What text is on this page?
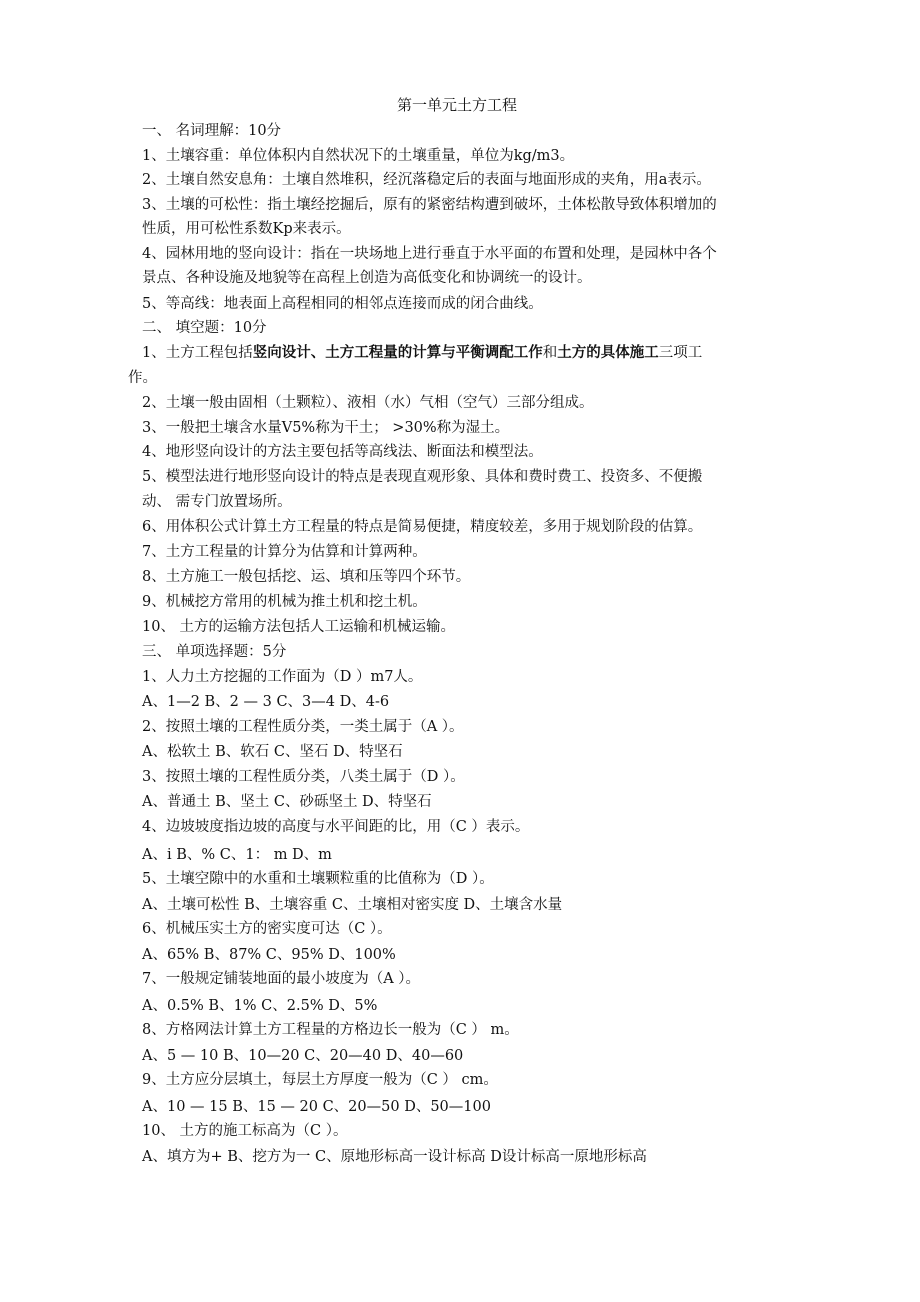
第一单元土方工程
一、 名词理解：10分
1、土壤容重：单位体积内自然状况下的土壤重量，单位为kg/m3。
2、土壤自然安息角：土壤自然堆积，经沉落稳定后的表面与地面形成的夹角，用a表示。
3、土壤的可松性：指土壤经挖掘后，原有的紧密结构遭到破坏，土体松散导致体积增加的
性质，用可松性系数Kp来表示。
4、园林用地的竖向设计：指在一块场地上进行垂直于水平面的布置和处理，是园林中各个
景点、各种设施及地貌等在高程上创造为高低变化和协调统一的设计。
5、等高线：地表面上高程相同的相邻点连接而成的闭合曲线。
二、 填空题：10分
1、土方工程包括竖向设计、土方工程量的计算与平衡调配工作和土方的具体施工三项工
作。
2、土壤一般由固相（土颗粒）、液相（水）气相（空气）三部分组成。
3、一般把土壤含水量V5%称为干土； >30%称为湿土。
4、地形竖向设计的方法主要包括等高线法、断面法和模型法。
5、模型法进行地形竖向设计的特点是表现直观形象、具体和费时费工、投资多、不便搬
动、 需专门放置场所。
6、用体积公式计算土方工程量的特点是简易便捷，精度较差，多用于规划阶段的估算。
7、土方工程量的计算分为估算和计算两种。
8、土方施工一般包括挖、运、填和压等四个环节。
9、机械挖方常用的机械为推土机和挖土机。
10、 土方的运输方法包括人工运输和机械运输。
三、 单项选择题：5分
1、人力土方挖掘的工作面为（D ）m7人。
A、1—2 B、2 — 3 C、3—4 D、4-6
2、按照土壤的工程性质分类，一类土属于（A ）。
A、松软土 B、软石 C、坚石 D、特坚石
3、按照土壤的工程性质分类，八类土属于（D ）。
A、普通土 B、坚土 C、砂砾坚土 D、特坚石
4、边坡坡度指边坡的高度与水平间距的比，用（C ）表示。
A、i B、% C、1： m D、m
5、土壤空隙中的水重和土壤颗粒重的比值称为（D ）。
A、土壤可松性 B、土壤容重 C、土壤相对密实度 D、土壤含水量
6、机械压实土方的密实度可达（C ）。
A、65% B、87% C、95% D、100%
7、一般规定铺装地面的最小坡度为（A ）。
A、0.5% B、1% C、2.5% D、5%
8、方格网法计算土方工程量的方格边长一般为（C ） m。
A、5 — 10 B、10—20 C、20—40 D、40—60
9、土方应分层填土，每层土方厚度一般为（C ） cm。
A、10 — 15 B、15 — 20 C、20—50 D、50—100
10、 土方的施工标高为（C ）。
A、填方为+ B、挖方为一 C、原地形标高一设计标高 D设计标高一原地形标高
